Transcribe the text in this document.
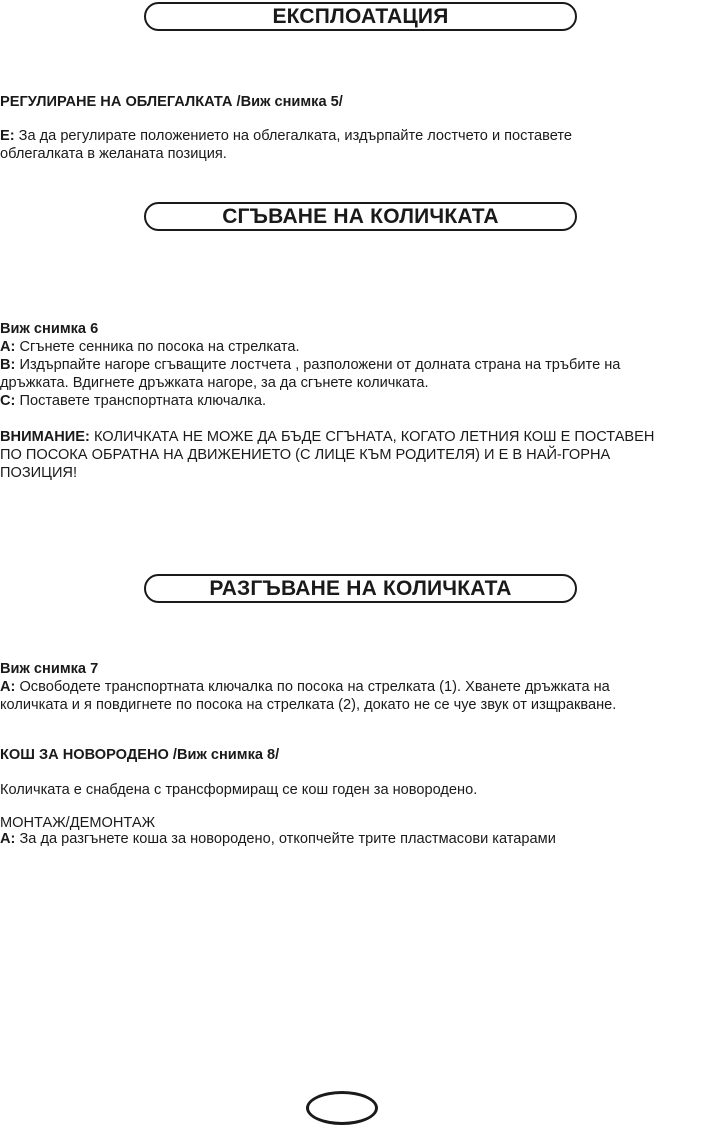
ЕКСПЛОАТАЦИЯ
РЕГУЛИРАНЕ НА ОБЛЕГАЛКАТА /Виж снимка 5/
E: За да регулирате положението на облегалката, издърпайте лостчето и поставете
облегалката в желаната позиция.
СГЪВАНЕ НА КОЛИЧКАТА
Виж снимка 6
A: Сгънете сенника по посока на стрелката.
B: Издърпайте нагоре сгъващите лостчета , разположени от долната страна на тръбите на
дръжката. Вдигнете дръжката нагоре, за да сгънете количката.
C: Поставете транспортната ключалка.
ВНИМАНИЕ: КОЛИЧКАТА НЕ МОЖЕ ДА БЪДЕ СГЪНАТА, КОГАТО ЛЕТНИЯ КОШ Е ПОСТАВЕН
ПО ПОСОКА ОБРАТНА НА ДВИЖЕНИЕТО (С ЛИЦЕ КЪМ РОДИТЕЛЯ) И Е В НАЙ-ГОРНА
ПОЗИЦИЯ!
РАЗГЪВАНЕ НА КОЛИЧКАТА
Виж снимка 7
A: Освободете транспортната ключалка по посока на стрелката (1). Хванете дръжката на
количката и я повдигнете по посока на стрелката (2), докато не се чуе звук от изщракване.
КОШ ЗА НОВОРОДЕНО /Виж снимка 8/
Количката е снабдена с трансформиращ се кош годен за новородено.
МОНТАЖ/ДЕМОНТАЖ
A: За да разгънете коша за новородено, откопчейте трите пластмасови катарами
